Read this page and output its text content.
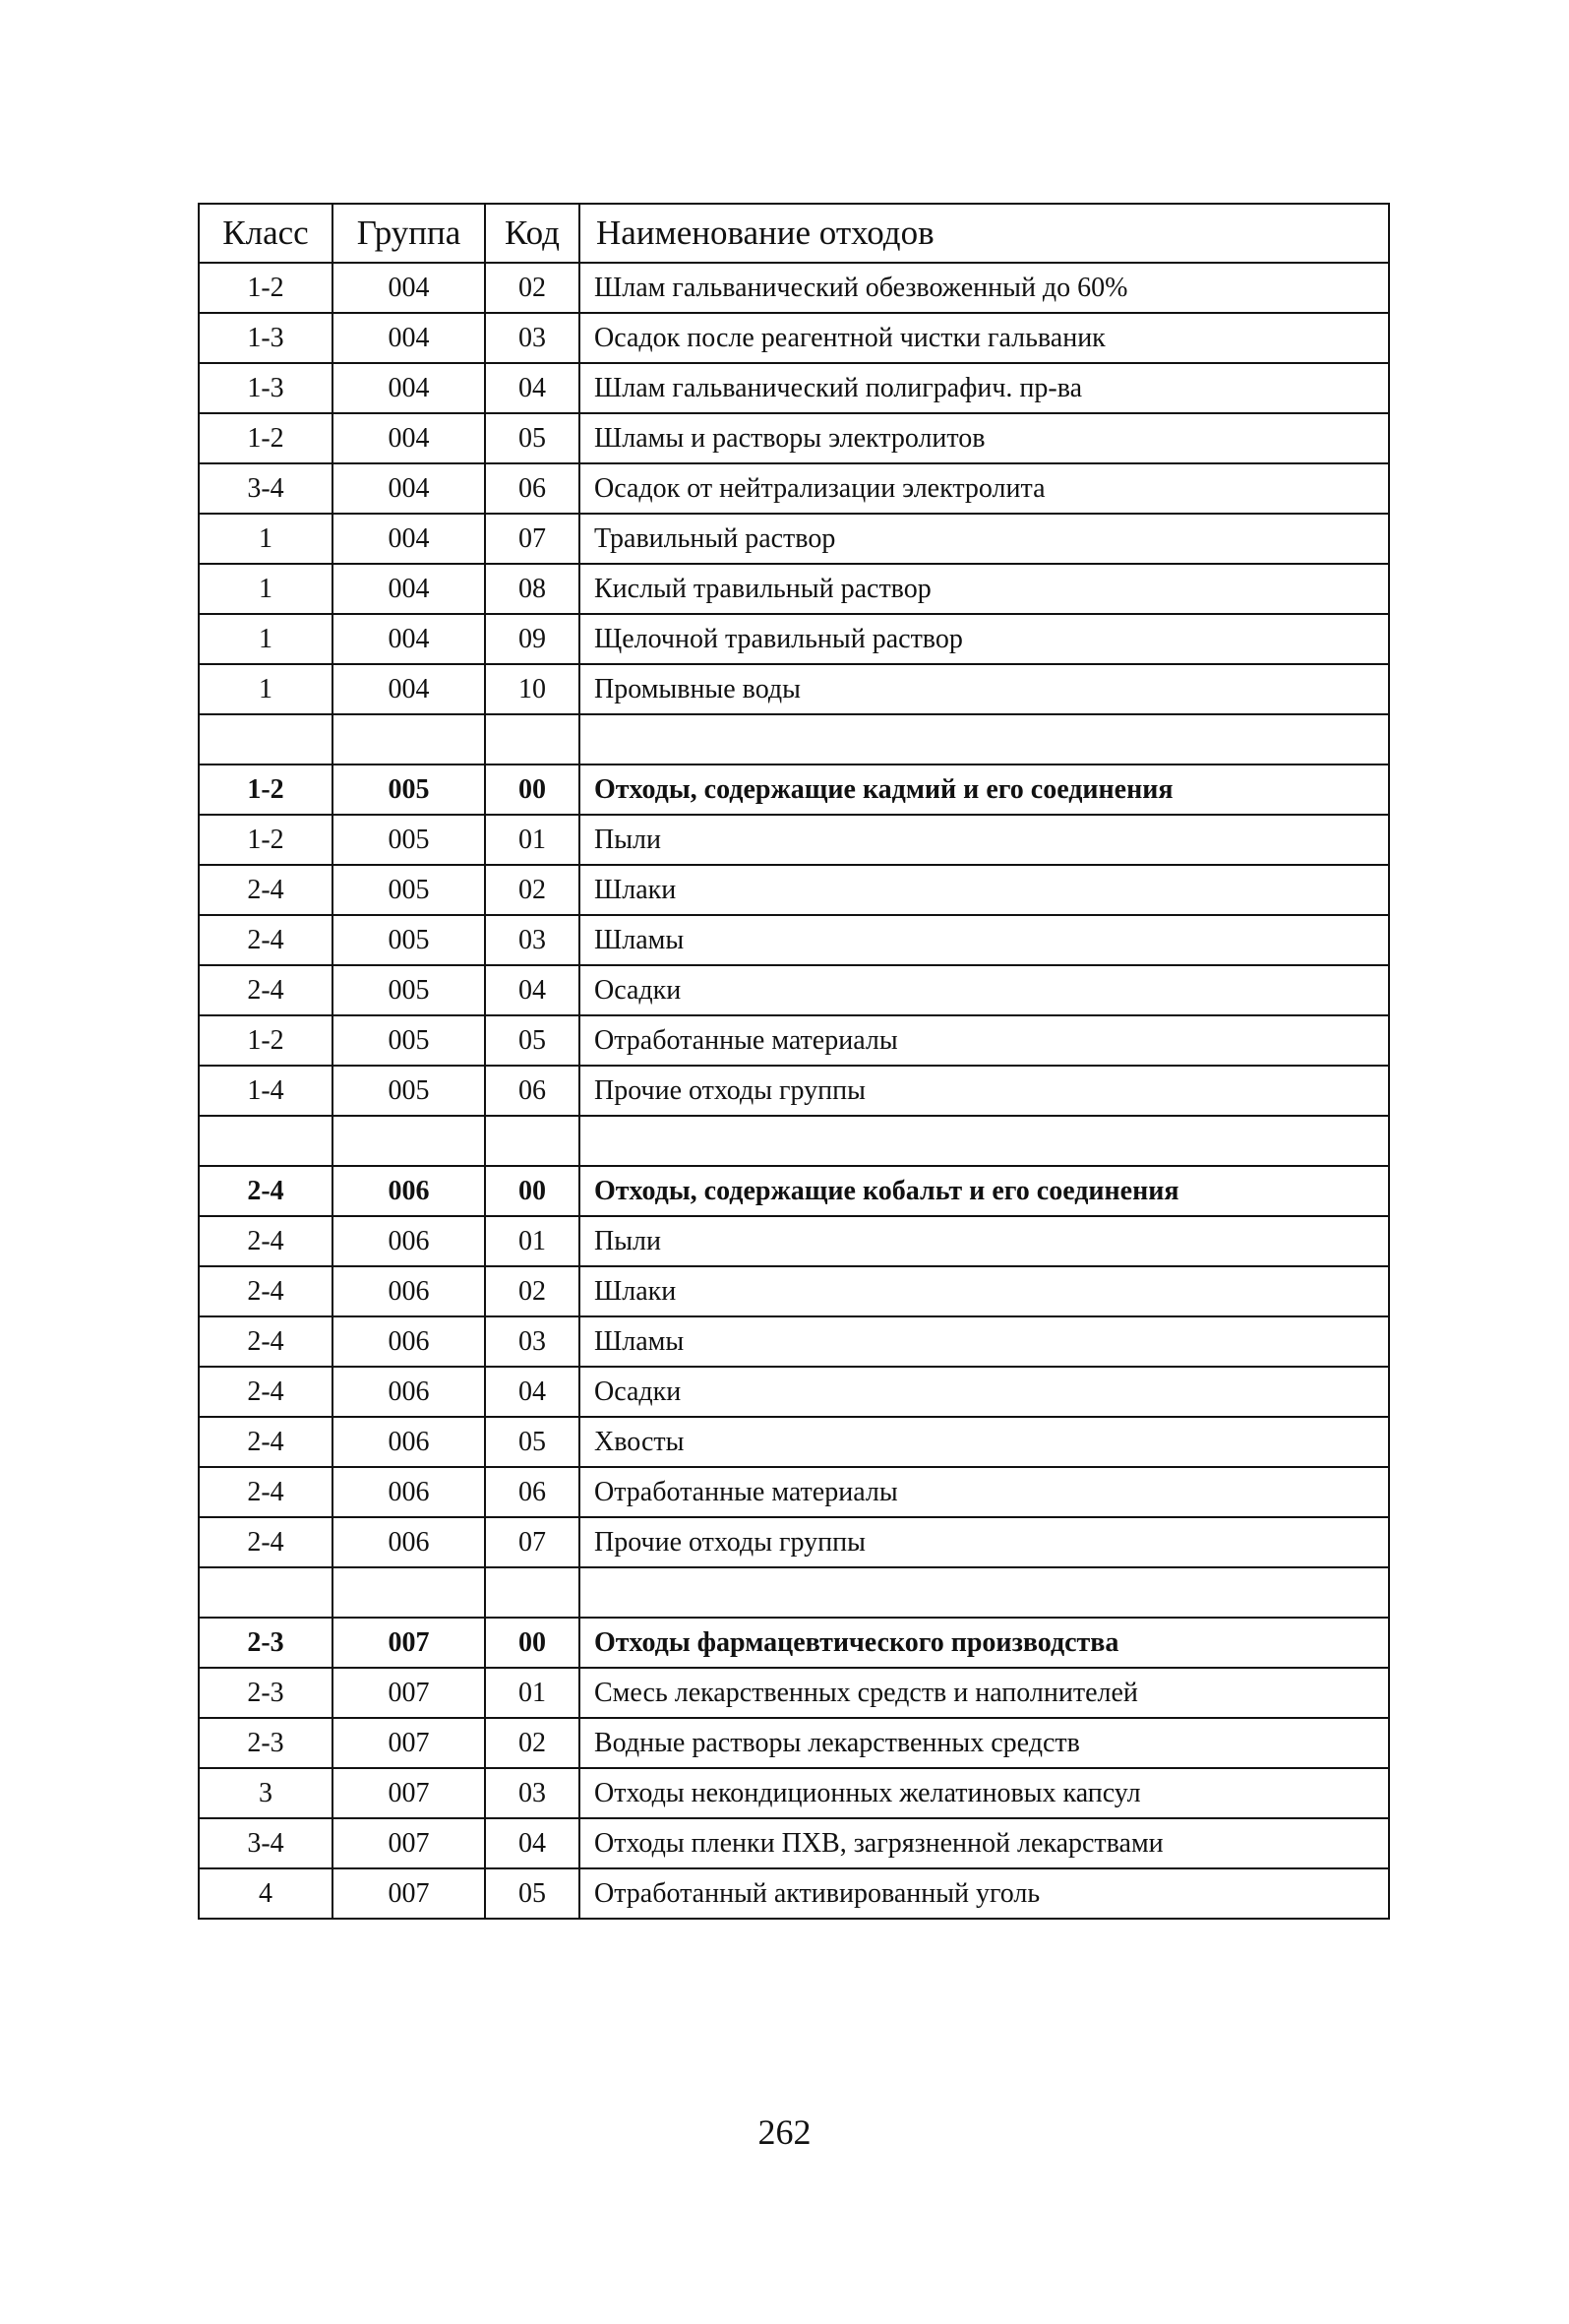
Класс	Группа	Код	Наименование отходов
1-2	004	02	Шлам гальванический обезвоженный до 60%
1-3	004	03	Осадок после реагентной чистки гальваник
1-3	004	04	Шлам гальванический полиграфич. пр-ва
1-2	004	05	Шламы и растворы электролитов
3-4	004	06	Осадок от нейтрализации электролита
1	004	07	Травильный раствор
1	004	08	Кислый травильный раствор
1	004	09	Щелочной травильный раствор
1	004	10	Промывные воды

1-2	005	00	Отходы, содержащие кадмий и его соединения
1-2	005	01	Пыли
2-4	005	02	Шлаки
2-4	005	03	Шламы
2-4	005	04	Осадки
1-2	005	05	Отработанные материалы
1-4	005	06	Прочие отходы группы

2-4	006	00	Отходы, содержащие кобальт и его соединения
2-4	006	01	Пыли
2-4	006	02	Шлаки
2-4	006	03	Шламы
2-4	006	04	Осадки
2-4	006	05	Хвосты
2-4	006	06	Отработанные материалы
2-4	006	07	Прочие отходы группы

2-3	007	00	Отходы фармацевтического производства
2-3	007	01	Смесь лекарственных средств и наполнителей
2-3	007	02	Водные растворы лекарственных средств
3	007	03	Отходы некондиционных желатиновых капсул
3-4	007	04	Отходы пленки ПХВ, загрязненной лекарствами
4	007	05	Отработанный активированный уголь
262
